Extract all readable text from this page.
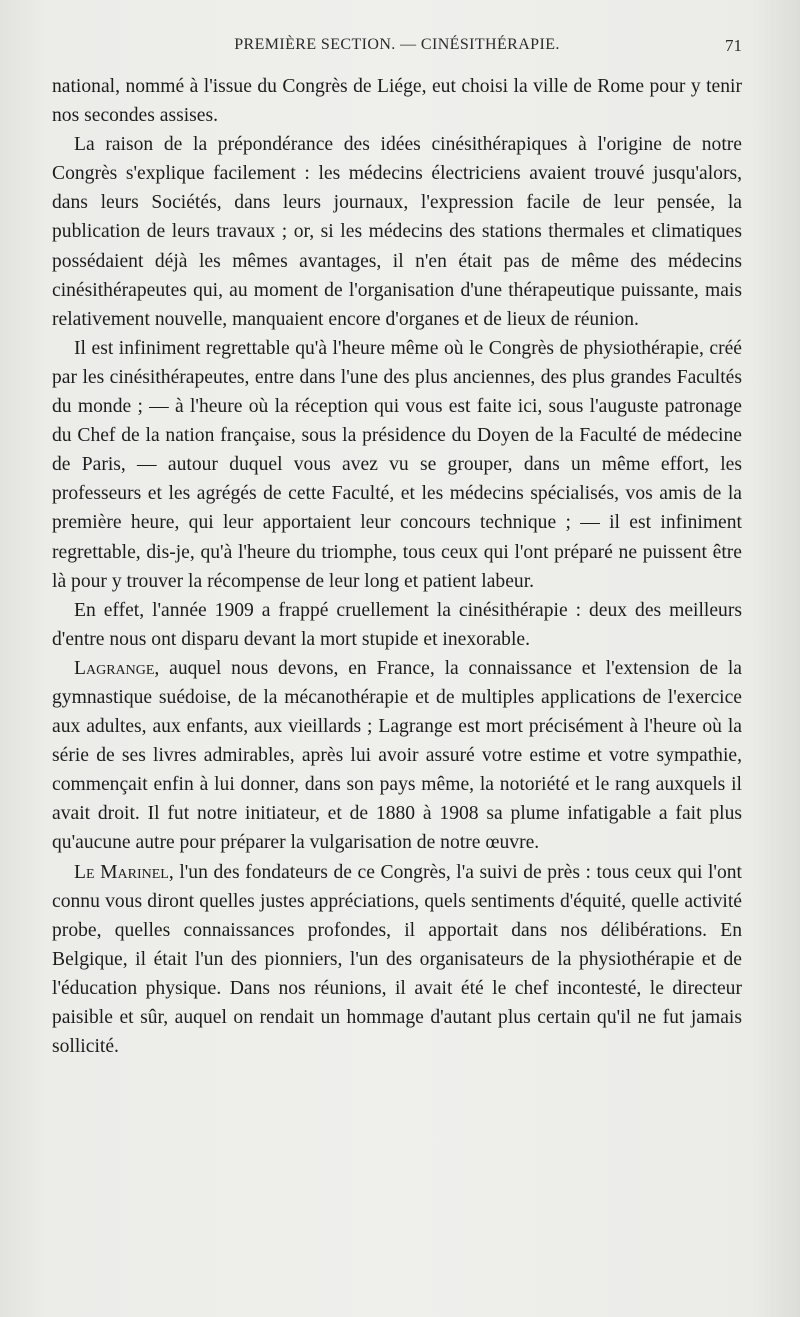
PREMIÈRE SECTION. — CINÉSITHÉRAPIE.	71

national, nommé à l'issue du Congrès de Liége, eut choisi la ville de Rome pour y tenir nos secondes assises.

La raison de la prépondérance des idées cinésithérapiques à l'origine de notre Congrès s'explique facilement : les médecins électriciens avaient trouvé jusqu'alors, dans leurs Sociétés, dans leurs journaux, l'expression facile de leur pensée, la publication de leurs travaux ; or, si les médecins des stations thermales et climatiques possédaient déjà les mêmes avantages, il n'en était pas de même des médecins cinésithérapeutes qui, au moment de l'organisation d'une thérapeutique puissante, mais relativement nouvelle, manquaient encore d'organes et de lieux de réunion.

Il est infiniment regrettable qu'à l'heure même où le Congrès de physiothérapie, créé par les cinésithérapeutes, entre dans l'une des plus anciennes, des plus grandes Facultés du monde ; — à l'heure où la réception qui vous est faite ici, sous l'auguste patronage du Chef de la nation française, sous la présidence du Doyen de la Faculté de médecine de Paris, — autour duquel vous avez vu se grouper, dans un même effort, les professeurs et les agrégés de cette Faculté, et les médecins spécialisés, vos amis de la première heure, qui leur apportaient leur concours technique ; — il est infiniment regrettable, dis-je, qu'à l'heure du triomphe, tous ceux qui l'ont préparé ne puissent être là pour y trouver la récompense de leur long et patient labeur.

En effet, l'année 1909 a frappé cruellement la cinésithérapie : deux des meilleurs d'entre nous ont disparu devant la mort stupide et inexorable.

Lagrange, auquel nous devons, en France, la connaissance et l'extension de la gymnastique suédoise, de la mécanothérapie et de multiples applications de l'exercice aux adultes, aux enfants, aux vieillards ; Lagrange est mort précisément à l'heure où la série de ses livres admirables, après lui avoir assuré votre estime et votre sympathie, commençait enfin à lui donner, dans son pays même, la notoriété et le rang auxquels il avait droit. Il fut notre initiateur, et de 1880 à 1908 sa plume infatigable a fait plus qu'aucune autre pour préparer la vulgarisation de notre œuvre.

Le Marinel, l'un des fondateurs de ce Congrès, l'a suivi de près : tous ceux qui l'ont connu vous diront quelles justes appréciations, quels sentiments d'équité, quelle activité probe, quelles connaissances profondes, il apportait dans nos délibérations. En Belgique, il était l'un des pionniers, l'un des organisateurs de la physiothérapie et de l'éducation physique. Dans nos réunions, il avait été le chef incontesté, le directeur paisible et sûr, auquel on rendait un hommage d'autant plus certain qu'il ne fut jamais sollicité.
